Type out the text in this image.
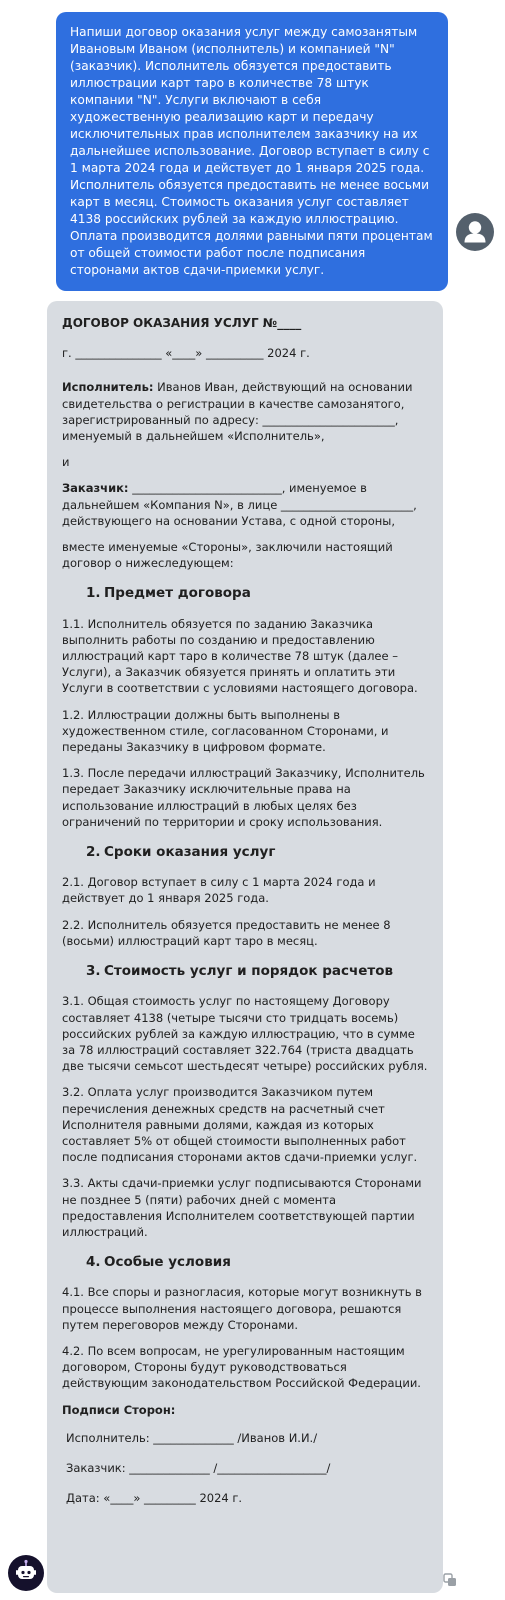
Напиши договор оказания услуг между самозанятым Ивановым Иваном (исполнитель) и компанией "N" (заказчик). Исполнитель обязуется предоставить иллюстрации карт таро в количестве 78 штук компании "N". Услуги включают в себя художественную реализацию карт и передачу исключительных прав исполнителем заказчику на их дальнейшее использование. Договор вступает в силу с 1 марта 2024 года и действует до 1 января 2025 года. Исполнитель обязуется предоставить не менее восьми карт в месяц. Стоимость оказания услуг составляет 4138 российских рублей за каждую иллюстрацию. Оплата производится долями равными пяти процентам от общей стоимости работ после подписания сторонами актов сдачи-приемки услуг.

ДОГОВОР ОКАЗАНИЯ УСЛУГ №____

г. _______________ «____» __________ 2024 г.

Исполнитель: Иванов Иван, действующий на основании свидетельства о регистрации в качестве самозанятого, зарегистрированный по адресу: _______________________, именуемый в дальнейшем «Исполнитель»,

и

Заказчик: __________________________, именуемое в дальнейшем «Компания N», в лице _______________________, действующего на основании Устава, с одной стороны,

вместе именуемые «Стороны», заключили настоящий договор о нижеследующем:

1. Предмет договора

1.1. Исполнитель обязуется по заданию Заказчика выполнить работы по созданию и предоставлению иллюстраций карт таро в количестве 78 штук (далее – Услуги), а Заказчик обязуется принять и оплатить эти Услуги в соответствии с условиями настоящего договора.

1.2. Иллюстрации должны быть выполнены в художественном стиле, согласованном Сторонами, и переданы Заказчику в цифровом формате.

1.3. После передачи иллюстраций Заказчику, Исполнитель передает Заказчику исключительные права на использование иллюстраций в любых целях без ограничений по территории и сроку использования.

2. Сроки оказания услуг

2.1. Договор вступает в силу с 1 марта 2024 года и действует до 1 января 2025 года.

2.2. Исполнитель обязуется предоставить не менее 8 (восьми) иллюстраций карт таро в месяц.

3. Стоимость услуг и порядок расчетов

3.1. Общая стоимость услуг по настоящему Договору составляет 4138 (четыре тысячи сто тридцать восемь) российских рублей за каждую иллюстрацию, что в сумме за 78 иллюстраций составляет 322.764 (триста двадцать две тысячи семьсот шестьдесят четыре) российских рубля.

3.2. Оплата услуг производится Заказчиком путем перечисления денежных средств на расчетный счет Исполнителя равными долями, каждая из которых составляет 5% от общей стоимости выполненных работ после подписания сторонами актов сдачи-приемки услуг.

3.3. Акты сдачи-приемки услуг подписываются Сторонами не позднее 5 (пяти) рабочих дней с момента предоставления Исполнителем соответствующей партии иллюстраций.

4. Особые условия

4.1. Все споры и разногласия, которые могут возникнуть в процессе выполнения настоящего договора, решаются путем переговоров между Сторонами.

4.2. По всем вопросам, не урегулированным настоящим договором, Стороны будут руководствоваться действующим законодательством Российской Федерации.

Подписи Сторон:

Исполнитель: ______________ /Иванов И.И./

Заказчик: ______________ /___________________/

Дата: «____» _________ 2024 г.
